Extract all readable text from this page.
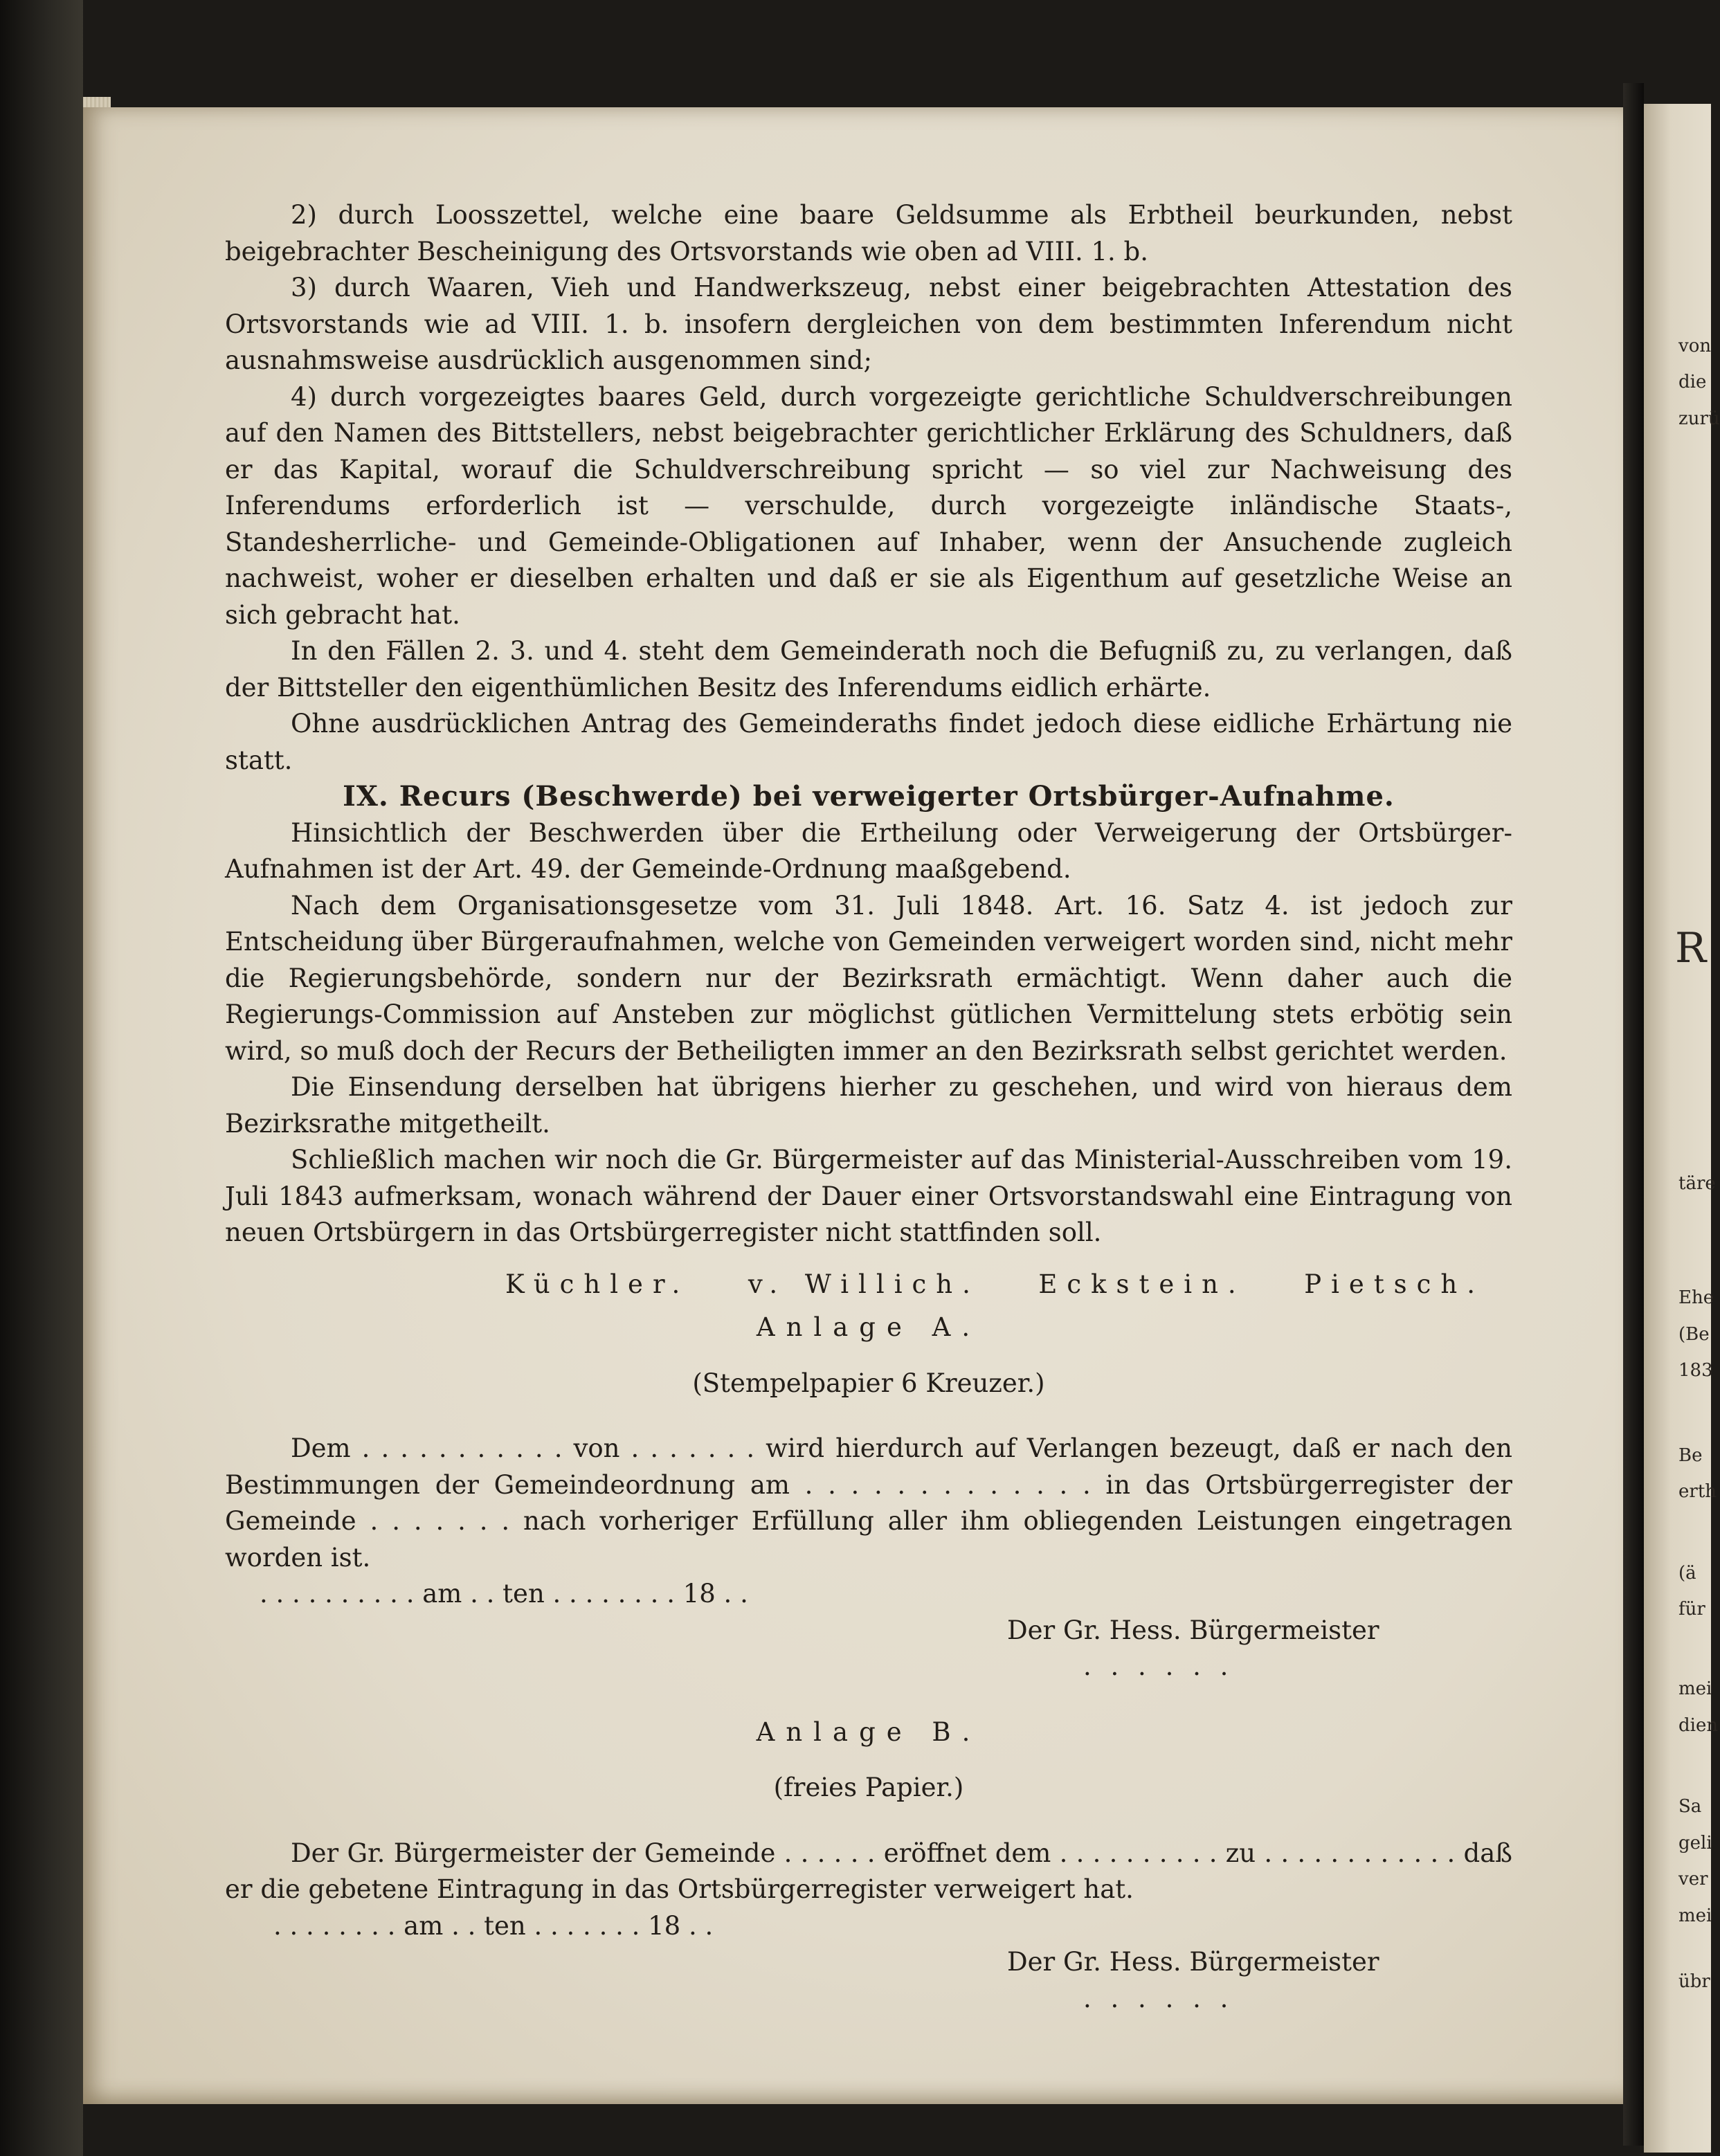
von
die
zurü
R
täre
Ehe
(Be
183
Be
erth
(ä
für
mei
dien
Sa
geli
ver
mei
übr

2) durch Loosszettel, welche eine baare Geldsumme als Erbtheil beurkunden, nebst beigebrachter Bescheinigung des Ortsvorstands wie oben ad VIII. 1. b.

3) durch Waaren, Vieh und Handwerkszeug, nebst einer beigebrachten Attestation des Ortsvorstands wie ad VIII. 1. b. insofern dergleichen von dem bestimmten Inferendum nicht ausnahmsweise ausdrücklich ausgenommen sind;

4) durch vorgezeigtes baares Geld, durch vorgezeigte gerichtliche Schuldverschreibungen auf den Namen des Bittstellers, nebst beigebrachter gerichtlicher Erklärung des Schuldners, daß er das Kapital, worauf die Schuldverschreibung spricht — so viel zur Nachweisung des Inferendums erforderlich ist — verschulde, durch vorgezeigte inländische Staats-, Standesherrliche- und Gemeinde-Obligationen auf Inhaber, wenn der Ansuchende zugleich nachweist, woher er dieselben erhalten und daß er sie als Eigenthum auf gesetzliche Weise an sich gebracht hat.

In den Fällen 2. 3. und 4. steht dem Gemeinderath noch die Befugniß zu, zu verlangen, daß der Bittsteller den eigenthümlichen Besitz des Inferendums eidlich erhärte.

Ohne ausdrücklichen Antrag des Gemeinderaths findet jedoch diese eidliche Erhärtung nie statt.

IX. Recurs (Beschwerde) bei verweigerter Ortsbürger-Aufnahme.

Hinsichtlich der Beschwerden über die Ertheilung oder Verweigerung der Ortsbürger-Aufnahmen ist der Art. 49. der Gemeinde-Ordnung maaßgebend.

Nach dem Organisationsgesetze vom 31. Juli 1848. Art. 16. Satz 4. ist jedoch zur Entscheidung über Bürgeraufnahmen, welche von Gemeinden verweigert worden sind, nicht mehr die Regierungsbehörde, sondern nur der Bezirksrath ermächtigt. Wenn daher auch die Regierungs-Commission auf Ansteben zur möglichst gütlichen Vermittelung stets erbötig sein wird, so muß doch der Recurs der Betheiligten immer an den Bezirksrath selbst gerichtet werden.

Die Einsendung derselben hat übrigens hierher zu geschehen, und wird von hieraus dem Bezirksrathe mitgetheilt.

Schließlich machen wir noch die Gr. Bürgermeister auf das Ministerial-Ausschreiben vom 19. Juli 1843 aufmerksam, wonach während der Dauer einer Ortsvorstandswahl eine Eintragung von neuen Ortsbürgern in das Ortsbürgerregister nicht stattfinden soll.

Küchler. v. Willich. Eckstein. Pietsch.

Anlage A.

(Stempelpapier 6 Kreuzer.)

Dem . . . . . . . . . . . von . . . . . . . wird hierdurch auf Verlangen bezeugt, daß er nach den Bestimmungen der Gemeindeordnung am . . . . . . . . . . . . . in das Ortsbürgerregister der Gemeinde . . . . . . . nach vorheriger Erfüllung aller ihm obliegenden Leistungen eingetragen worden ist.

. . . . . . . . . . am . . ten . . . . . . . . 18 . .

Der Gr. Hess. Bürgermeister

. . . . . .

Anlage B.

(freies Papier.)

Der Gr. Bürgermeister der Gemeinde . . . . . . eröffnet dem . . . . . . . . . . zu . . . . . . . . . . . . daß er die gebetene Eintragung in das Ortsbürgerregister verweigert hat.

. . . . . . . . am . . ten . . . . . . . 18 . .

Der Gr. Hess. Bürgermeister

. . . . . .
